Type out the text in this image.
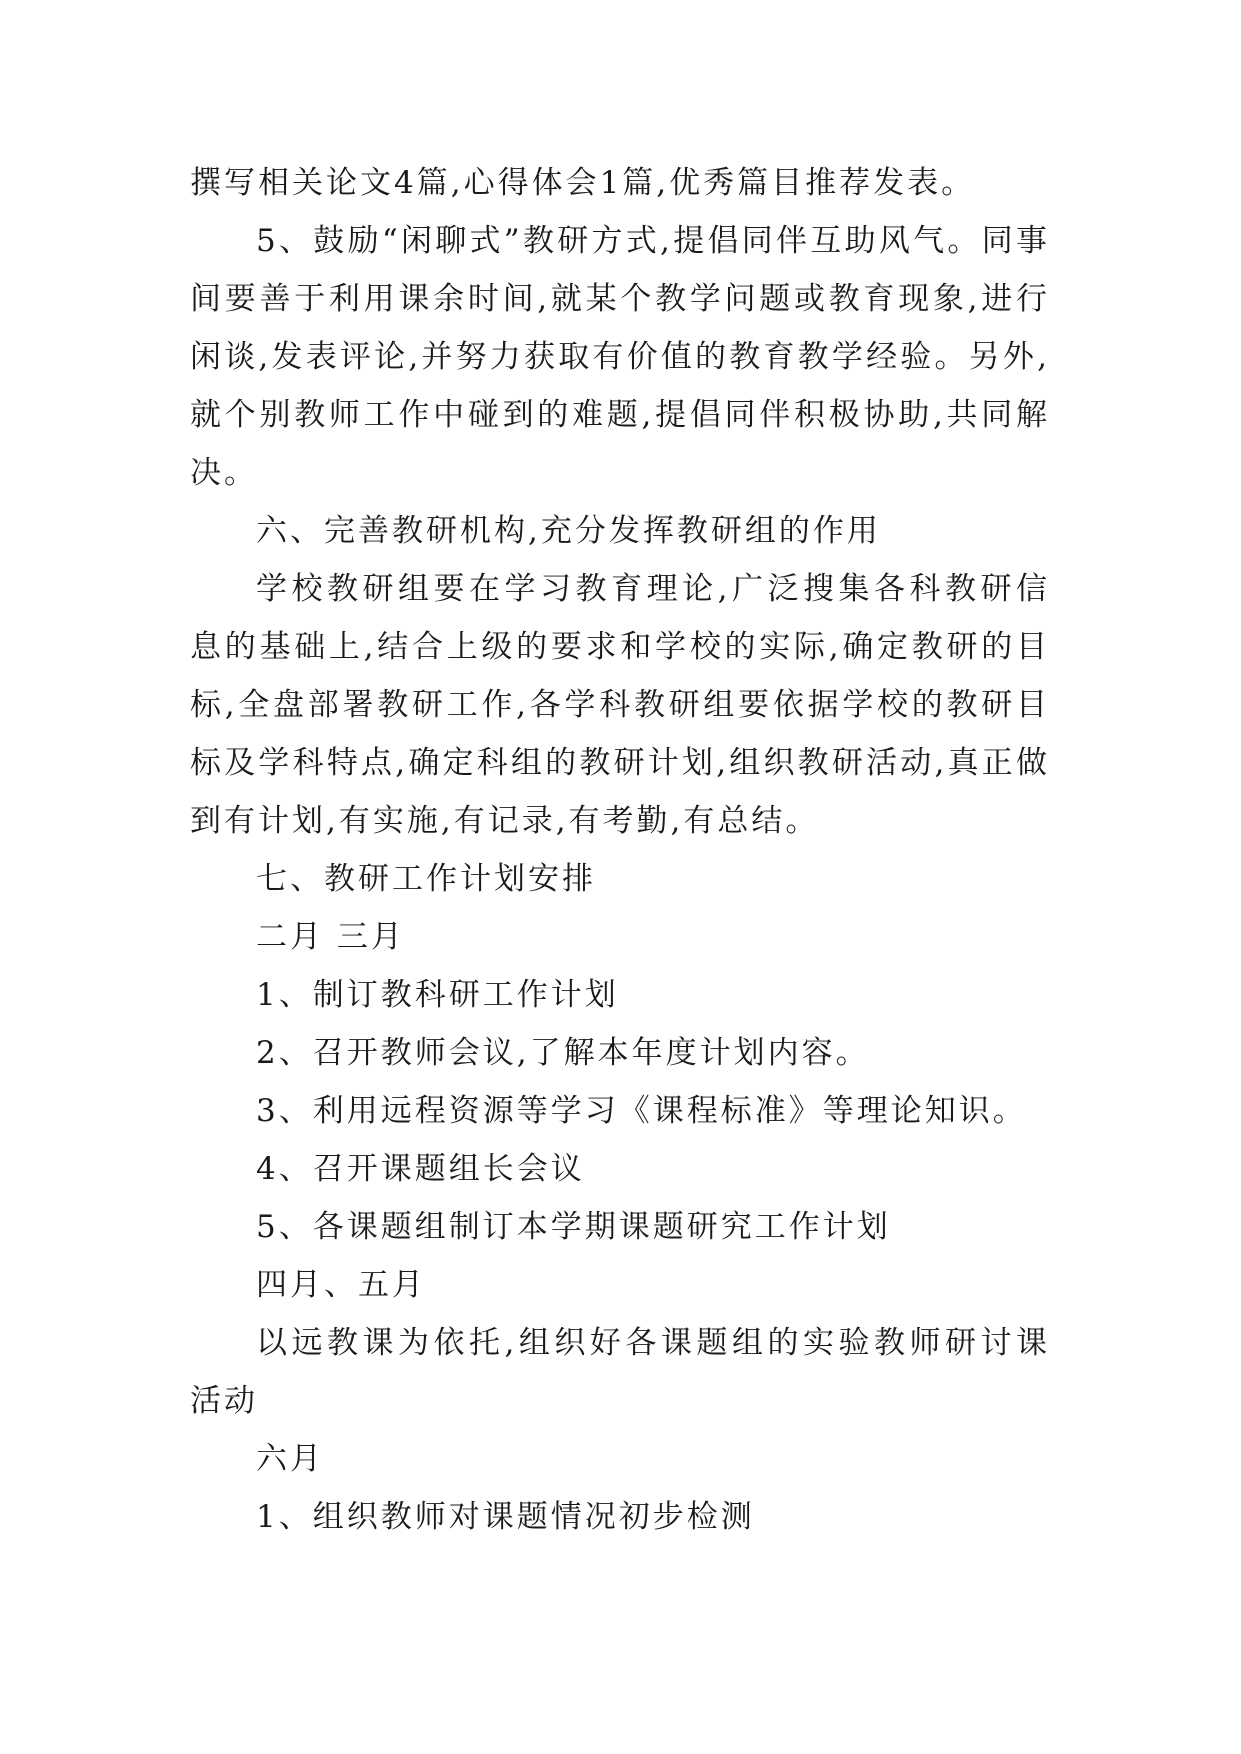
撰写相关论文4篇,心得体会1篇,优秀篇目推荐发表。

5、鼓励“闲聊式”教研方式,提倡同伴互助风气。同事间要善于利用课余时间,就某个教学问题或教育现象,进行闲谈,发表评论,并努力获取有价值的教育教学经验。另外,就个别教师工作中碰到的难题,提倡同伴积极协助,共同解决。

六、完善教研机构,充分发挥教研组的作用

学校教研组要在学习教育理论,广泛搜集各科教研信息的基础上,结合上级的要求和学校的实际,确定教研的目标,全盘部署教研工作,各学科教研组要依据学校的教研目标及学科特点,确定科组的教研计划,组织教研活动,真正做到有计划,有实施,有记录,有考勤,有总结。

七、教研工作计划安排

二月 三月

1、制订教科研工作计划

2、召开教师会议,了解本年度计划内容。

3、利用远程资源等学习《课程标准》等理论知识。

4、召开课题组长会议

5、各课题组制订本学期课题研究工作计划

四月、五月

以远教课为依托,组织好各课题组的实验教师研讨课活动

六月

1、组织教师对课题情况初步检测
